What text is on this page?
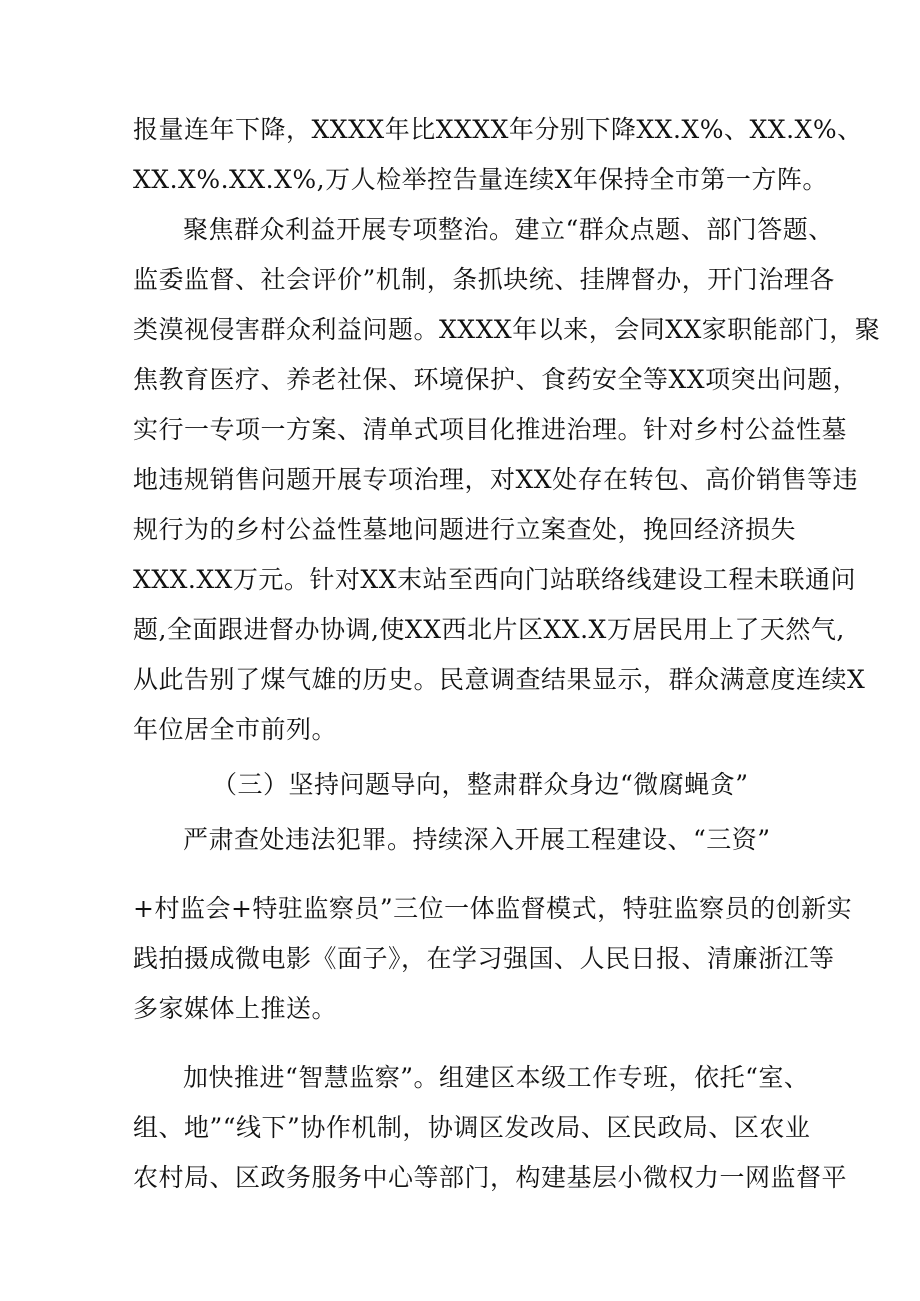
报量连年下降，XXXX年比XXXX年分别下降XX.X%、XX.X%、
XX.X%.XX.X%,万人检举控告量连续X年保持全市第一方阵。
聚焦群众利益开展专项整治。建立“群众点题、部门答题、
监委监督、社会评价”机制，条抓块统、挂牌督办，开门治理各
类漠视侵害群众利益问题。XXXX年以来，会同XX家职能部门，聚
焦教育医疗、养老社保、环境保护、食药安全等XX项突出问题，
实行一专项一方案、清单式项目化推进治理。针对乡村公益性墓
地违规销售问题开展专项治理，对XX处存在转包、高价销售等违
规行为的乡村公益性墓地问题进行立案查处，挽回经济损失
XXX.XX万元。针对XX末站至西向门站联络线建设工程未联通问
题,全面跟进督办协调,使XX西北片区XX.X万居民用上了天然气,
从此告别了煤气雄的历史。民意调查结果显示，群众满意度连续X
年位居全市前列。
（三）坚持问题导向，整肃群众身边“微腐蝇贪”
严肃查处违法犯罪。持续深入开展工程建设、“三资”
+村监会+特驻监察员”三位一体监督模式，特驻监察员的创新实
践拍摄成微电影《面子》，在学习强国、人民日报、清廉浙江等
多家媒体上推送。
加快推进“智慧监察”。组建区本级工作专班，依托“室、
组、地”“线下”协作机制，协调区发改局、区民政局、区农业
农村局、区政务服务中心等部门，构建基层小微权力一网监督平
